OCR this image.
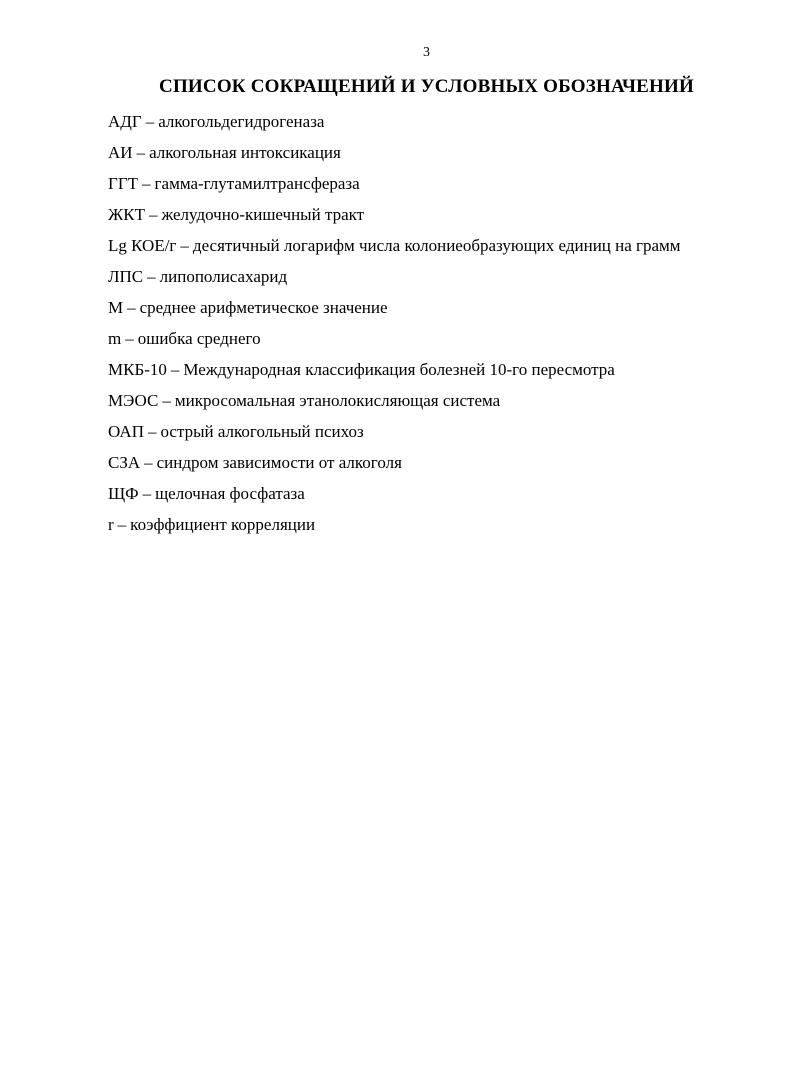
3
СПИСОК СОКРАЩЕНИЙ И УСЛОВНЫХ ОБОЗНАЧЕНИЙ
АДГ – алкогольдегидрогеназа
АИ – алкогольная интоксикация
ГГТ – гамма-глутамилтрансфераза
ЖКТ – желудочно-кишечный тракт
Lg КОЕ/г – десятичный логарифм числа колониеобразующих единиц на грамм
ЛПС – липополисахарид
М – среднее арифметическое значение
m – ошибка среднего
МКБ-10 – Международная классификация болезней 10-го пересмотра
МЭОС – микросомальная этанолокисляющая система
ОАП – острый алкогольный психоз
СЗА – синдром зависимости от алкоголя
ЩФ – щелочная фосфатаза
r – коэффициент корреляции
